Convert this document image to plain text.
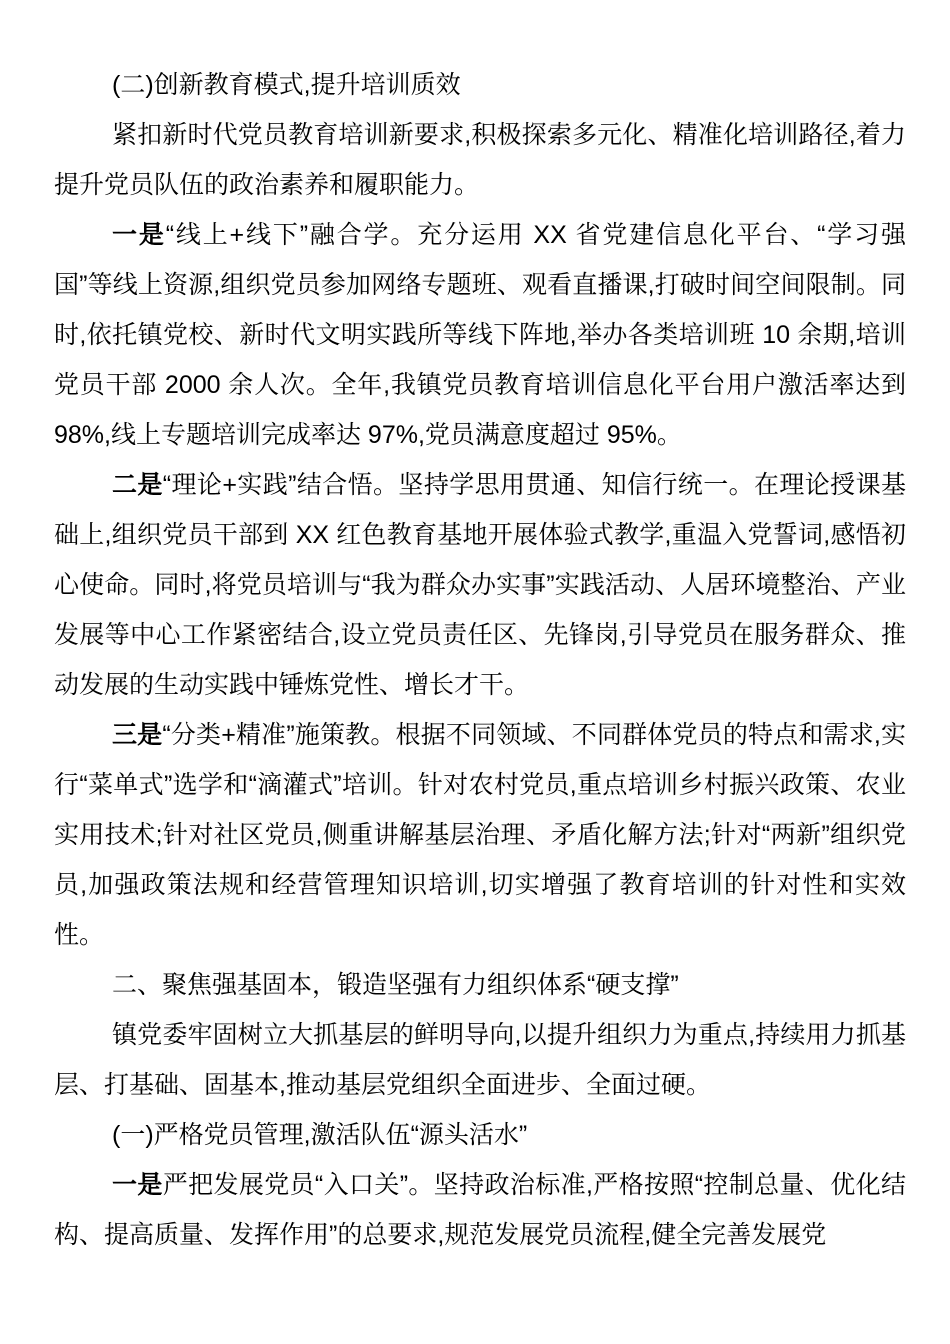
(二)创新教育模式,提升培训质效

紧扣新时代党员教育培训新要求,积极探索多元化、精准化培训路径,着力提升党员队伍的政治素养和履职能力。

一是“线上+线下”融合学。充分运用 XX 省党建信息化平台、“学习强国”等线上资源,组织党员参加网络专题班、观看直播课,打破时间空间限制。同时,依托镇党校、新时代文明实践所等线下阵地,举办各类培训班 10 余期,培训党员干部 2000 余人次。全年,我镇党员教育培训信息化平台用户激活率达到 98%,线上专题培训完成率达 97%,党员满意度超过 95%。

二是“理论+实践”结合悟。坚持学思用贯通、知信行统一。在理论授课基础上,组织党员干部到 XX 红色教育基地开展体验式教学,重温入党誓词,感悟初心使命。同时,将党员培训与“我为群众办实事”实践活动、人居环境整治、产业发展等中心工作紧密结合,设立党员责任区、先锋岗,引导党员在服务群众、推动发展的生动实践中锤炼党性、增长才干。

三是“分类+精准”施策教。根据不同领域、不同群体党员的特点和需求,实行“菜单式”选学和“滴灌式”培训。针对农村党员,重点培训乡村振兴政策、农业实用技术;针对社区党员,侧重讲解基层治理、矛盾化解方法;针对“两新”组织党员,加强政策法规和经营管理知识培训,切实增强了教育培训的针对性和实效性。

二、聚焦强基固本，锻造坚强有力组织体系“硬支撑”

镇党委牢固树立大抓基层的鲜明导向,以提升组织力为重点,持续用力抓基层、打基础、固基本,推动基层党组织全面进步、全面过硬。

(一)严格党员管理,激活队伍“源头活水”

一是严把发展党员“入口关”。坚持政治标准,严格按照“控制总量、优化结构、提高质量、发挥作用”的总要求,规范发展党员流程,健全完善发展党
